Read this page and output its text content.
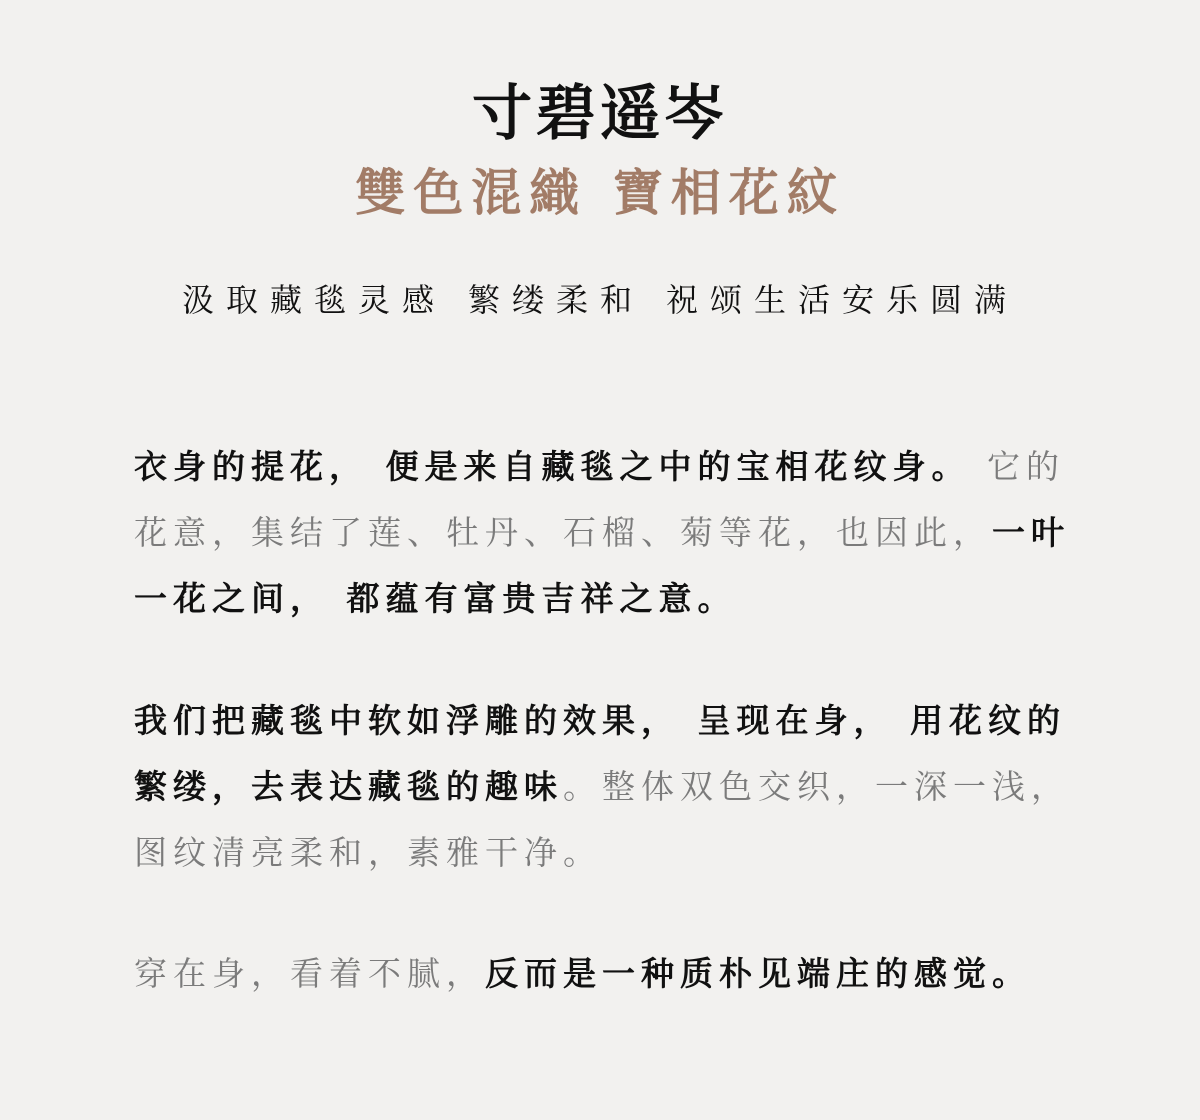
寸碧遥岑
雙色混織 寶相花紋
汲取藏毯灵感 繁缕柔和 祝颂生活安乐圆满
衣身的提花， 便是来自藏毯之中的宝相花纹身。 它的花意，集结了莲、牡丹、石榴、菊等花，也因此，一叶一花之间， 都蕴有富贵吉祥之意。
我们把藏毯中软如浮雕的效果， 呈现在身， 用花纹的繁缕，去表达藏毯的趣味。整体双色交织，一深一浅，图纹清亮柔和，素雅干净。
穿在身，看着不腻，反而是一种质朴见端庄的感觉。
